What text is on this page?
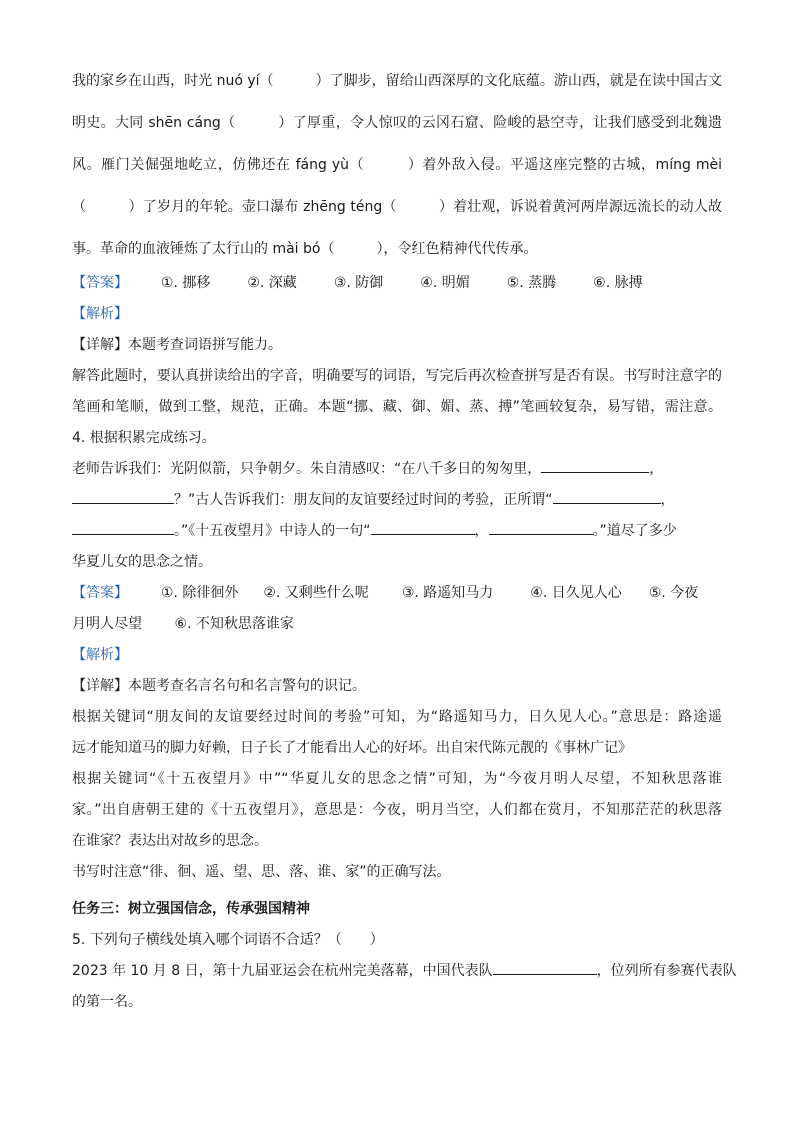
我的家乡在山西，时光 nuó yí（　　　）了脚步，留给山西深厚的文化底蕴。游山西，就是在读中国古文
明史。大同 shēn cáng（　　　）了厚重，令人惊叹的云冈石窟、险峻的悬空寺，让我们感受到北魏遗
风。雁门关倔强地屹立，仿佛还在 fáng yù（　　　）着外敌入侵。平遥这座完整的古城，míng mèi
（　　　）了岁月的年轮。壶口瀑布 zhēng téng（　　　）着壮观，诉说着黄河两岸源远流长的动人故
事。革命的血液锤炼了太行山的 mài bó（　　　），令红色精神代代传承。
【答案】 ①. 挪移	②. 深藏	③. 防御	④. 明媚	⑤. 蒸腾	⑥. 脉搏
【解析】
【详解】本题考查词语拼写能力。
解答此题时，要认真拼读给出的字音，明确要写的词语，写完后再次检查拼写是否有误。书写时注意字的
笔画和笔顺，做到工整，规范，正确。本题“挪、藏、御、媚、蒸、搏”笔画较复杂，易写错，需注意。
4. 根据积累完成练习。
老师告诉我们：光阴似箭，只争朝夕。朱自清感叹：“在八千多日的匆匆里，	，
？”古人告诉我们：朋友间的友谊要经过时间的考验，正所谓“	，
。”《十五夜望月》中诗人的一句“	，	。”道尽了多少
华夏儿女的思念之情。
【答案】 ①. 除徘徊外 ②. 又剩些什么呢 ③. 路遥知马力	④. 日久见人心 ⑤. 今夜
月明人尽望 ⑥. 不知秋思落谁家
【解析】
【详解】本题考查名言名句和名言警句的识记。
根据关键词“朋友间的友谊要经过时间的考验”可知，为“路遥知马力，日久见人心。”意思是：路途遥
远才能知道马的脚力好赖，日子长了才能看出人心的好坏。出自宋代陈元靓的《事林广记》
根据关键词“《十五夜望月》中”“华夏儿女的思念之情”可知，为“今夜月明人尽望，不知秋思落谁
家。”出自唐朝王建的《十五夜望月》，意思是：今夜，明月当空，人们都在赏月，不知那茫茫的秋思落
在谁家？表达出对故乡的思念。
书写时注意“徘、徊、遥、望、思、落、谁、家”的正确写法。
任务三：树立强国信念，传承强国精神
5. 下列句子横线处填入哪个词语不合适？（　　）
2023 年 10 月 8 日，第十九届亚运会在杭州完美落幕，中国代表队	，位列所有参赛代表队
的第一名。
